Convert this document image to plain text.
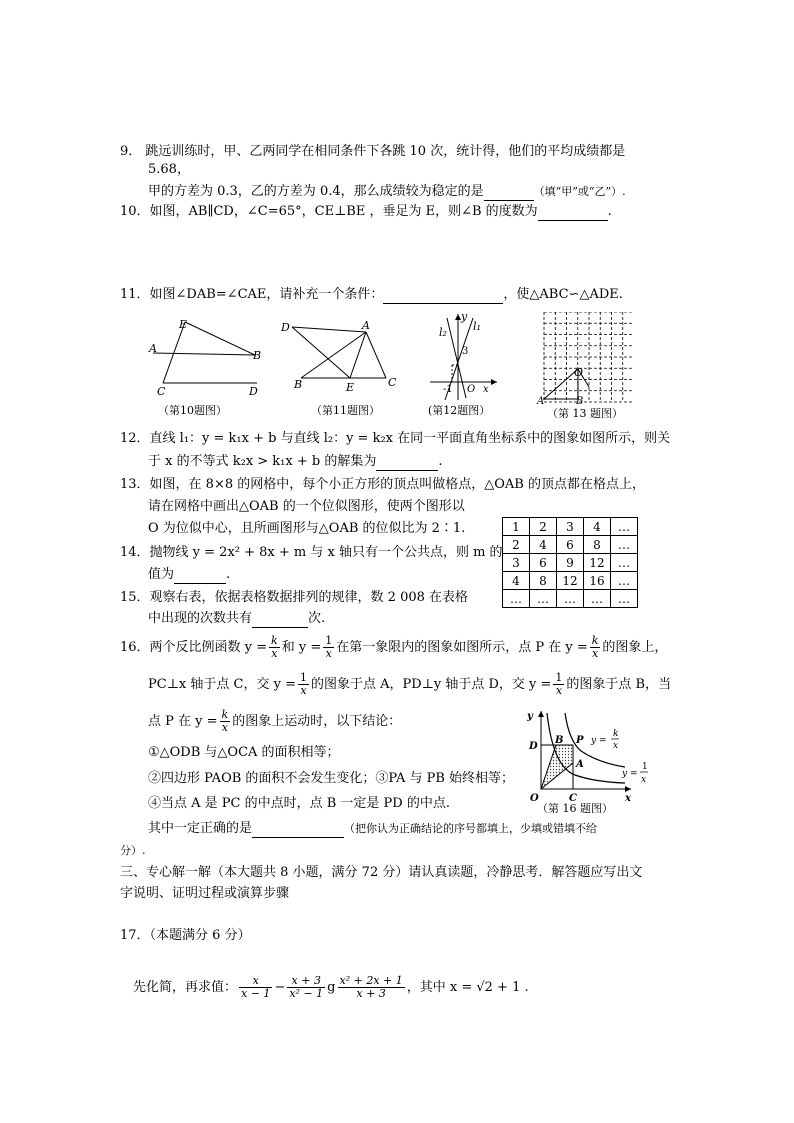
9． 跳远训练时，甲、乙两同学在相同条件下各跳 10 次，统计得，他们的平均成绩都是
5.68，
甲的方差为 0.3，乙的方差为 0.4，那么成绩较为稳定的是	（填“甲”或“乙”）.
10．如图，AB∥CD，∠C=65°，CE⊥BE ，垂足为 E，则∠B 的度数为	.
11．如图∠DAB=∠CAE，请补充一个条件：	，使△ABC∽△ADE.
E
A
B
C	D
（第10题图）
D	A
B	E	C
（第11题图）
l₂ l₁
y
3
-1 O x
(第12题图）
O
A	B
（第 13 题图）
12．直线 l₁：y = k₁x + b 与直线 l₂：y = k₂x 在同一平面直角坐标系中的图象如图所示，则关
于 x 的不等式 k₂x > k₁x + b 的解集为	.
13．如图，在 8×8 的网格中，每个小正方形的顶点叫做格点，△OAB 的顶点都在格点上，
请在网格中画出△OAB 的一个位似图形，使两个图形以
O 为位似中心，且所画图形与△OAB 的位似比为 2∶1.	1	2	3	4	…
2	4	6	8	…
3	6	9	12	…
4	8	12	16	…
…	…	…	…	…
14．抛物线 y = 2x² + 8x + m 与 x 轴只有一个公共点，则 m 的
值为	.
15．观察右表，依据表格数据排列的规律，数 2 008 在表格
中出现的次数共有	次.
16．两个反比例函数 $y = \frac{k}{x}$ 和 $y = \frac{1}{x}$ 在第一象限内的图象如图所示，点 P 在 $y = \frac{k}{x}$ 的图象上，
PC⊥x 轴于点 C，交 $y = \frac{1}{x}$ 的图象于点 A，PD⊥y 轴于点 D，交 $y = \frac{1}{x}$ 的图象于点 B，当
点 P 在 $y = \frac{k}{x}$ 的图象上运动时，以下结论：
①△ODB 与△OCA 的面积相等；
②四边形 PAOB 的面积不会发生变化；③PA 与 PB 始终相等；
④当点 A 是 PC 的中点时，点 B 一定是 PD 的中点.
其中一定正确的是	（把你认为正确结论的序号都填上，少填或错填不给
分）.
y
D
B P
A
O	C	x
y =
k
x
y =
1
x
（第 16 题图）
三、专心解一解（本大题共 8 小题，满分 72 分）请认真读题，冷静思考．解答题应写出文
字说明、证明过程或演算步骤
17．（本题满分 6 分）
先化简，再求值： $\frac{x}{x - 1} - \frac{x + 3}{\text{x² − 1}}$ g $\frac{\text{x² + 2x + 1}}{x + 3}$ ，其中 x = √2 + 1 .
